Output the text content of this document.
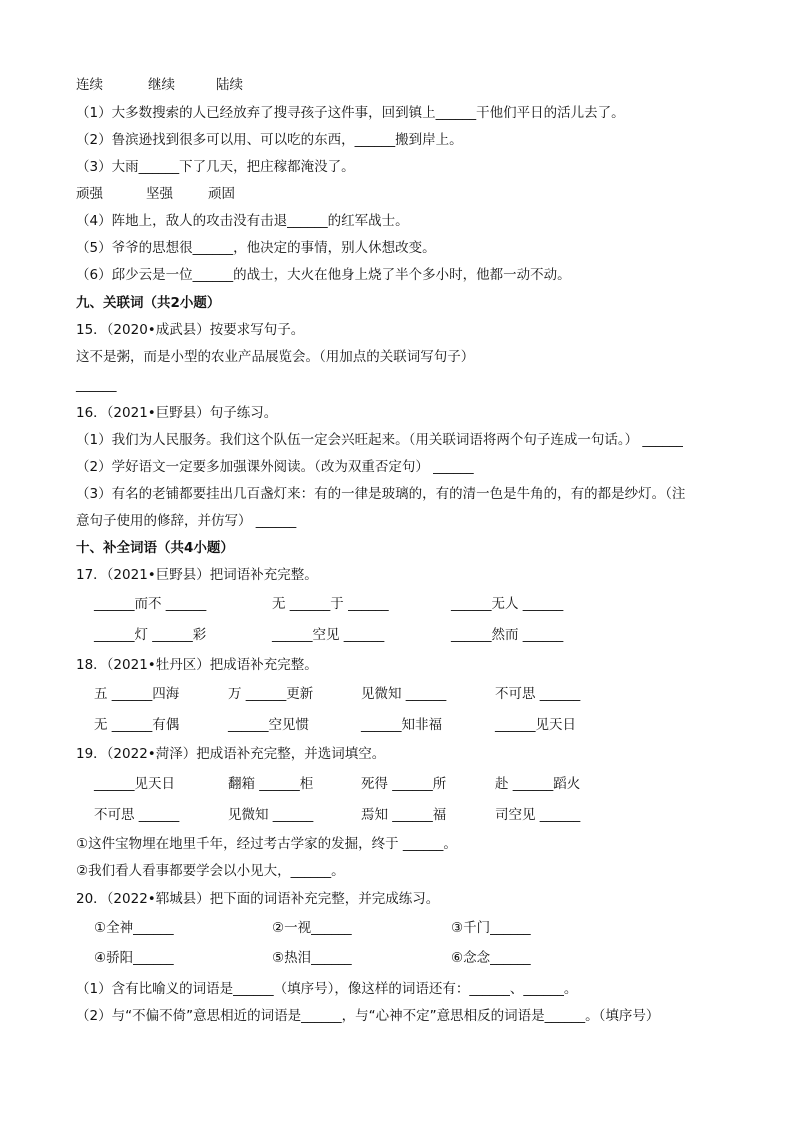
连续	继续	陆续
（1）大多数搜索的人已经放弃了搜寻孩子这件事，回到镇上______干他们平日的活儿去了。
（2）鲁滨逊找到很多可以用、可以吃的东西，______搬到岸上。
（3）大雨______下了几天，把庄稼都淹没了。
顽强	坚强	顽固
（4）阵地上，敌人的攻击没有击退______的红军战士。
（5）爷爷的思想很______，他决定的事情，别人休想改变。
（6）邱少云是一位______的战士，大火在他身上烧了半个多小时，他都一动不动。
九、关联词（共2小题）
15．（2020•成武县）按要求写句子。
这不是粥，而是小型的农业产品展览会。（用加点的关联词写句子）
______
16．（2021•巨野县）句子练习。
（1）我们为人民服务。我们这个队伍一定会兴旺起来。（用关联词语将两个句子连成一句话。） ______
（2）学好语文一定要多加强课外阅读。（改为双重否定句） ______
（3）有名的老铺都要挂出几百盏灯来：有的一律是玻璃的，有的清一色是牛角的，有的都是纱灯。（注
意句子使用的修辞，并仿写） ______
十、补全词语（共4小题）
17．（2021•巨野县）把词语补充完整。
______而不 ______	无 ______于 ______	______无人 ______
______灯 ______彩	______空见 ______	______然而 ______
18．（2021•牡丹区）把成语补充完整。
五 ______四海	万 ______更新	见微知 ______	不可思 ______
无 ______有偶	______空见惯	______知非福	______见天日
19．（2022•菏泽）把成语补充完整，并选词填空。
______见天日	翻箱 ______柜	死得 ______所	赴 ______蹈火
不可思 ______	见微知 ______	焉知 ______福	司空见 ______
①这件宝物埋在地里千年，经过考古学家的发掘，终于 ______。
②我们看人看事都要学会以小见大，______。
20．（2022•郓城县）把下面的词语补充完整，并完成练习。
①全神______	②一视______	③千门______
④骄阳______	⑤热泪______	⑥念念______
（1）含有比喻义的词语是______（填序号），像这样的词语还有：______、______。
（2）与“不偏不倚”意思相近的词语是______，与“心神不定”意思相反的词语是______。（填序号）
